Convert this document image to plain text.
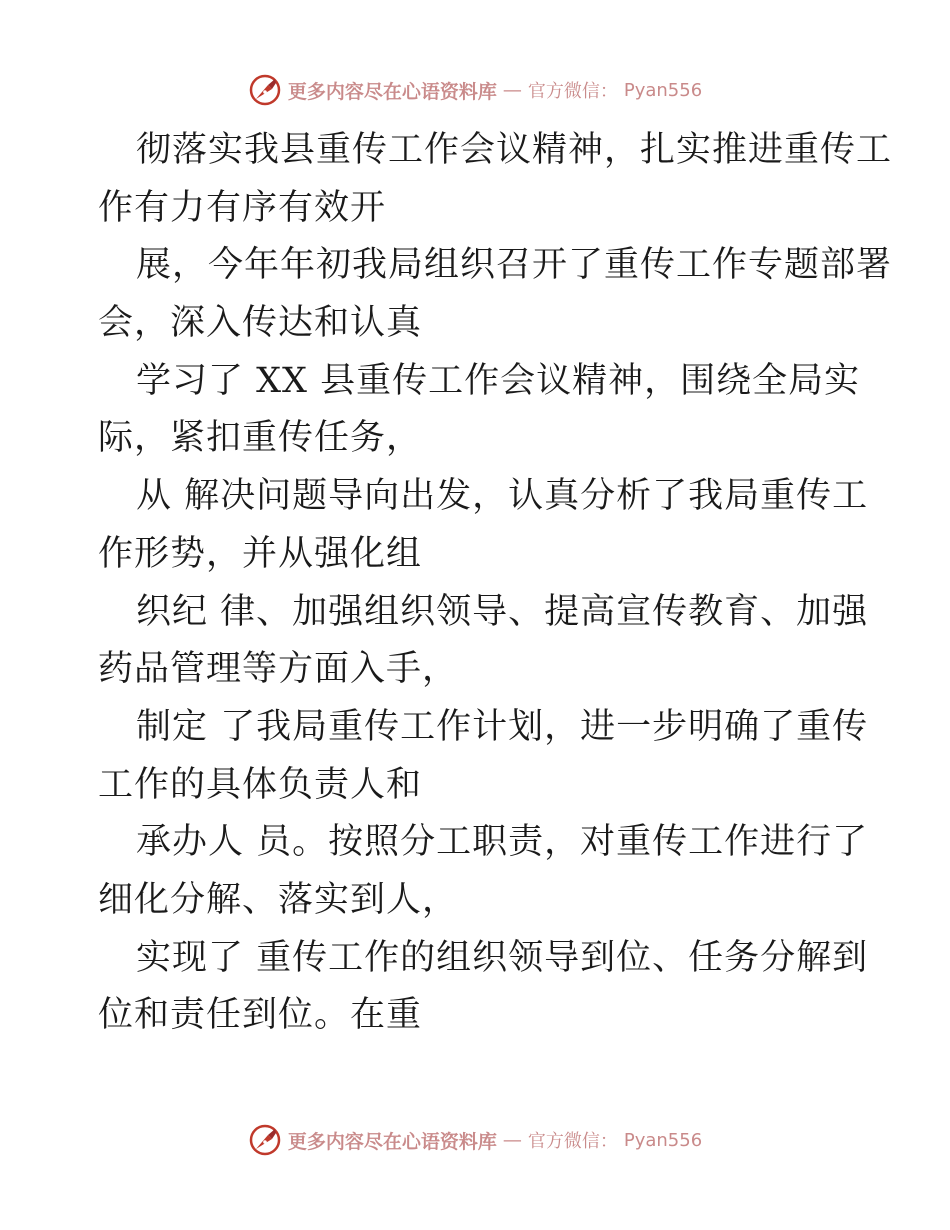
更多内容尽在心语资料库 — 官方微信： Pyan556
彻落实我县重传工作会议精神，扎实推进重传工
作有力有序有效开
展，今年年初我局组织召开了重传工作专题部署
会，深入传达和认真
学习了 XX 县重传工作会议精神，围绕全局实
际，紧扣重传任务，
从 解决问题导向出发，认真分析了我局重传工
作形势，并从强化组
织纪 律、加强组织领导、提高宣传教育、加强
药品管理等方面入手，
制定 了我局重传工作计划，进一步明确了重传
工作的具体负责人和
承办人 员。按照分工职责，对重传工作进行了
细化分解、落实到人，
实现了 重传工作的组织领导到位、任务分解到
位和责任到位。在重
更多内容尽在心语资料库 — 官方微信： Pyan556
